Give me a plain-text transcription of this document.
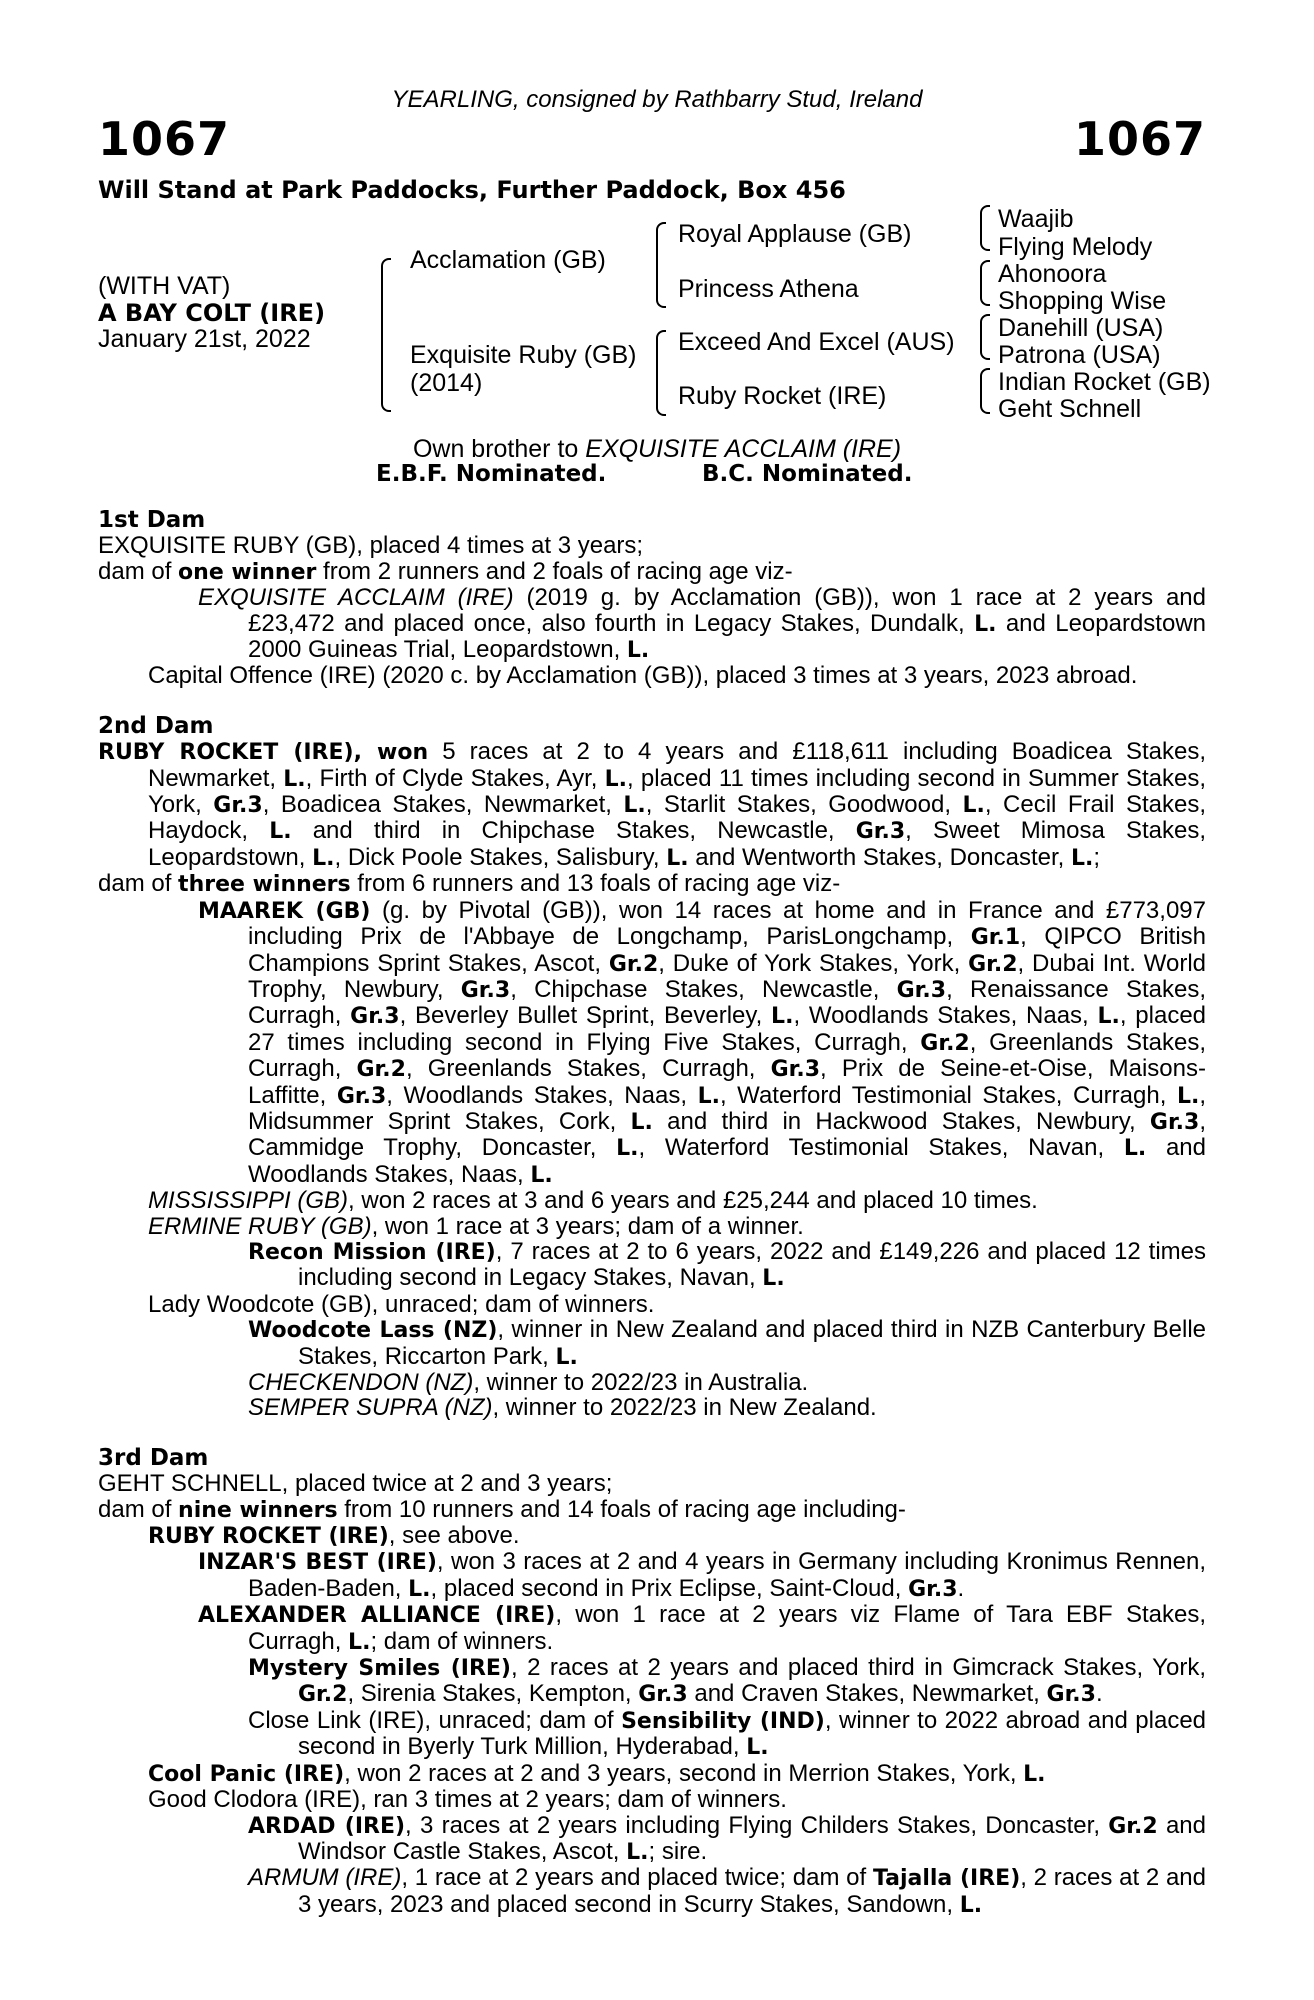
YEARLING, consigned by Rathbarry Stud, Ireland
1067	1067
Will Stand at Park Paddocks, Further Paddock, Box 456
(WITH VAT)
A BAY COLT (IRE)
January 21st, 2022
Acclamation (GB)
Exquisite Ruby (GB)
(2014)
Royal Applause (GB)
Princess Athena
Exceed And Excel (AUS)
Ruby Rocket (IRE)
Waajib
Flying Melody
Ahonoora
Shopping Wise
Danehill (USA)
Patrona (USA)
Indian Rocket (GB)
Geht Schnell
Own brother to EXQUISITE ACCLAIM (IRE)
E.B.F. Nominated.	B.C. Nominated.

1st Dam

EXQUISITE RUBY (GB), placed 4 times at 3 years;

dam of one winner from 2 runners and 2 foals of racing age viz-

EXQUISITE ACCLAIM (IRE) (2019 g. by Acclamation (GB)), won 1 race at 2 years and £23,472 and placed once, also fourth in Legacy Stakes, Dundalk, L. and Leopardstown 2000 Guineas Trial, Leopardstown, L.

Capital Offence (IRE) (2020 c. by Acclamation (GB)), placed 3 times at 3 years, 2023 abroad.

2nd Dam

RUBY ROCKET (IRE), won 5 races at 2 to 4 years and £118,611 including Boadicea Stakes, Newmarket, L., Firth of Clyde Stakes, Ayr, L., placed 11 times including second in Summer Stakes, York, Gr.3, Boadicea Stakes, Newmarket, L., Starlit Stakes, Goodwood, L., Cecil Frail Stakes, Haydock, L. and third in Chipchase Stakes, Newcastle, Gr.3, Sweet Mimosa Stakes, Leopardstown, L., Dick Poole Stakes, Salisbury, L. and Wentworth Stakes, Doncaster, L.;

dam of three winners from 6 runners and 13 foals of racing age viz-

MAAREK (GB) (g. by Pivotal (GB)), won 14 races at home and in France and £773,097 including Prix de l'Abbaye de Longchamp, ParisLongchamp, Gr.1, QIPCO British Champions Sprint Stakes, Ascot, Gr.2, Duke of York Stakes, York, Gr.2, Dubai Int. World Trophy, Newbury, Gr.3, Chipchase Stakes, Newcastle, Gr.3, Renaissance Stakes, Curragh, Gr.3, Beverley Bullet Sprint, Beverley, L., Woodlands Stakes, Naas, L., placed 27 times including second in Flying Five Stakes, Curragh, Gr.2, Greenlands Stakes, Curragh, Gr.2, Greenlands Stakes, Curragh, Gr.3, Prix de Seine-et-Oise, Maisons-Laffitte, Gr.3, Woodlands Stakes, Naas, L., Waterford Testimonial Stakes, Curragh, L., Midsummer Sprint Stakes, Cork, L. and third in Hackwood Stakes, Newbury, Gr.3, Cammidge Trophy, Doncaster, L., Waterford Testimonial Stakes, Navan, L. and Woodlands Stakes, Naas, L.

MISSISSIPPI (GB), won 2 races at 3 and 6 years and £25,244 and placed 10 times.

ERMINE RUBY (GB), won 1 race at 3 years; dam of a winner.

Recon Mission (IRE), 7 races at 2 to 6 years, 2022 and £149,226 and placed 12 times including second in Legacy Stakes, Navan, L.

Lady Woodcote (GB), unraced; dam of winners.

Woodcote Lass (NZ), winner in New Zealand and placed third in NZB Canterbury Belle Stakes, Riccarton Park, L.

CHECKENDON (NZ), winner to 2022/23 in Australia.

SEMPER SUPRA (NZ), winner to 2022/23 in New Zealand.

3rd Dam

GEHT SCHNELL, placed twice at 2 and 3 years;

dam of nine winners from 10 runners and 14 foals of racing age including-

RUBY ROCKET (IRE), see above.

INZAR'S BEST (IRE), won 3 races at 2 and 4 years in Germany including Kronimus Rennen, Baden-Baden, L., placed second in Prix Eclipse, Saint-Cloud, Gr.3.

ALEXANDER ALLIANCE (IRE), won 1 race at 2 years viz Flame of Tara EBF Stakes, Curragh, L.; dam of winners.

Mystery Smiles (IRE), 2 races at 2 years and placed third in Gimcrack Stakes, York, Gr.2, Sirenia Stakes, Kempton, Gr.3 and Craven Stakes, Newmarket, Gr.3.

Close Link (IRE), unraced; dam of Sensibility (IND), winner to 2022 abroad and placed second in Byerly Turk Million, Hyderabad, L.

Cool Panic (IRE), won 2 races at 2 and 3 years, second in Merrion Stakes, York, L.

Good Clodora (IRE), ran 3 times at 2 years; dam of winners.

ARDAD (IRE), 3 races at 2 years including Flying Childers Stakes, Doncaster, Gr.2 and Windsor Castle Stakes, Ascot, L.; sire.

ARMUM (IRE), 1 race at 2 years and placed twice; dam of Tajalla (IRE), 2 races at 2 and 3 years, 2023 and placed second in Scurry Stakes, Sandown, L.
